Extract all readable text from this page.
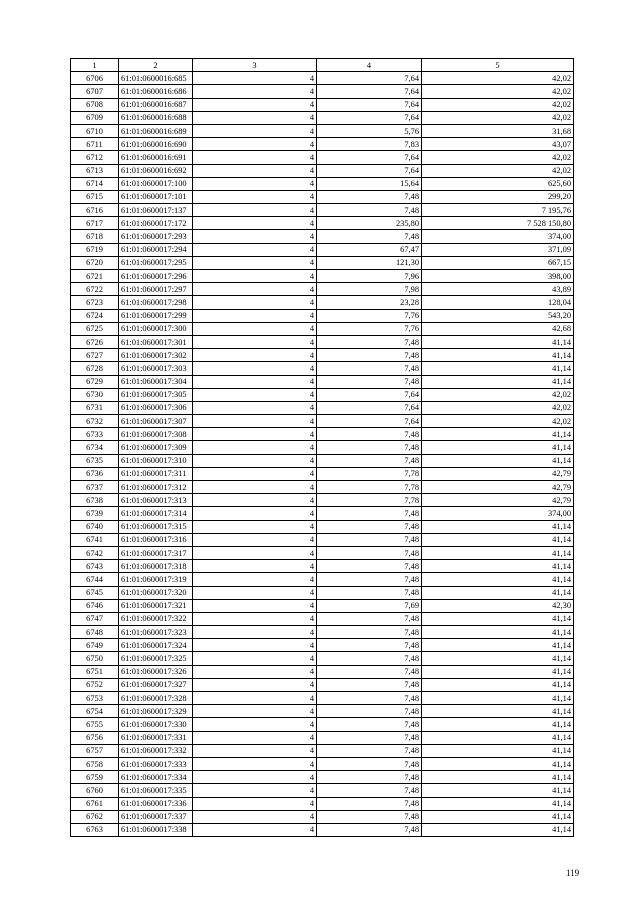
1	2	3	4	5
6706	61:01:0600016:685	4	7,64	42,02
6707	61:01:0600016:686	4	7,64	42,02
6708	61:01:0600016:687	4	7,64	42,02
6709	61:01:0600016:688	4	7,64	42,02
6710	61:01:0600016:689	4	5,76	31,68
6711	61:01:0600016:690	4	7,83	43,07
6712	61:01:0600016:691	4	7,64	42,02
6713	61:01:0600016:692	4	7,64	42,02
6714	61:01:0600017:100	4	15,64	625,60
6715	61:01:0600017:101	4	7,48	299,20
6716	61:01:0600017:137	4	7,48	7 195,76
6717	61:01:0600017:172	4	235,80	7 528 150,80
6718	61:01:0600017:293	4	7,48	374,00
6719	61:01:0600017:294	4	67,47	371,09
6720	61:01:0600017:295	4	121,30	667,15
6721	61:01:0600017:296	4	7,96	398,00
6722	61:01:0600017:297	4	7,98	43,89
6723	61:01:0600017:298	4	23,28	128,04
6724	61:01:0600017:299	4	7,76	543,20
6725	61:01:0600017:300	4	7,76	42,68
6726	61:01:0600017:301	4	7,48	41,14
6727	61:01:0600017:302	4	7,48	41,14
6728	61:01:0600017:303	4	7,48	41,14
6729	61:01:0600017:304	4	7,48	41,14
6730	61:01:0600017:305	4	7,64	42,02
6731	61:01:0600017:306	4	7,64	42,02
6732	61:01:0600017:307	4	7,64	42,02
6733	61:01:0600017:308	4	7,48	41,14
6734	61:01:0600017:309	4	7,48	41,14
6735	61:01:0600017:310	4	7,48	41,14
6736	61:01:0600017:311	4	7,78	42,79
6737	61:01:0600017:312	4	7,78	42,79
6738	61:01:0600017:313	4	7,78	42,79
6739	61:01:0600017:314	4	7,48	374,00
6740	61:01:0600017:315	4	7,48	41,14
6741	61:01:0600017:316	4	7,48	41,14
6742	61:01:0600017:317	4	7,48	41,14
6743	61:01:0600017:318	4	7,48	41,14
6744	61:01:0600017:319	4	7,48	41,14
6745	61:01:0600017:320	4	7,48	41,14
6746	61:01:0600017:321	4	7,69	42,30
6747	61:01:0600017:322	4	7,48	41,14
6748	61:01:0600017:323	4	7,48	41,14
6749	61:01:0600017:324	4	7,48	41,14
6750	61:01:0600017:325	4	7,48	41,14
6751	61:01:0600017:326	4	7,48	41,14
6752	61:01:0600017:327	4	7,48	41,14
6753	61:01:0600017:328	4	7,48	41,14
6754	61:01:0600017:329	4	7,48	41,14
6755	61:01:0600017:330	4	7,48	41,14
6756	61:01:0600017:331	4	7,48	41,14
6757	61:01:0600017:332	4	7,48	41,14
6758	61:01:0600017:333	4	7,48	41,14
6759	61:01:0600017:334	4	7,48	41,14
6760	61:01:0600017:335	4	7,48	41,14
6761	61:01:0600017:336	4	7,48	41,14
6762	61:01:0600017:337	4	7,48	41,14
6763	61:01:0600017:338	4	7,48	41,14
119
